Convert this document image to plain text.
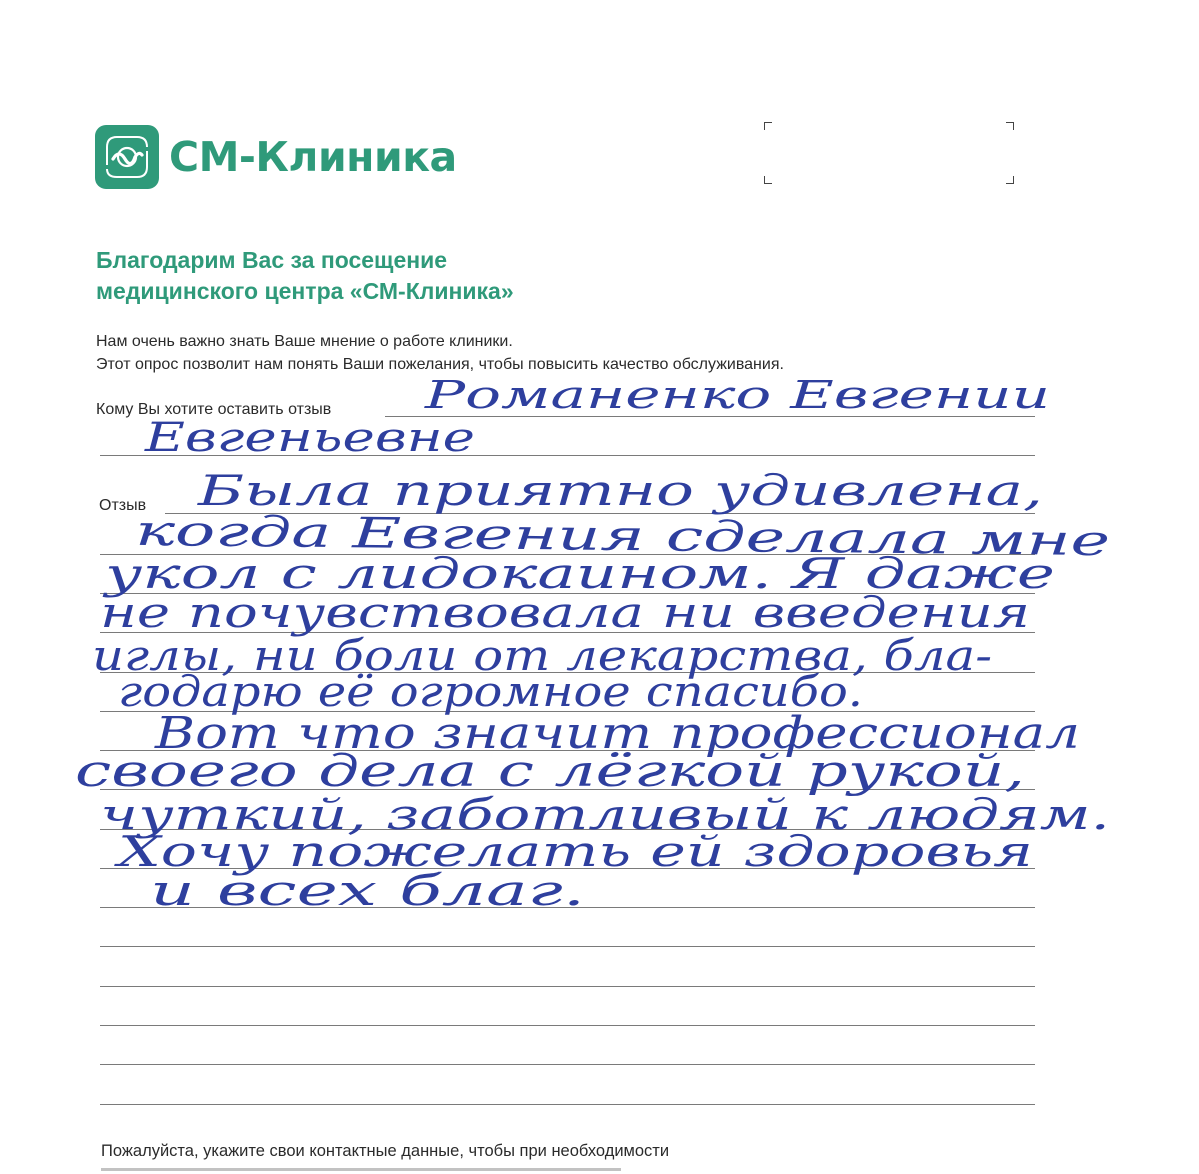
СМ-Клиника
Благодарим Вас за посещение
медицинского центра «СМ-Клиника»
Нам очень важно знать Ваше мнение о работе клиники.
Этот опрос позволит нам понять Ваши пожелания, чтобы повысить качество обслуживания.
Кому Вы хотите оставить отзыв
Отзыв
Романенко Евгении
Евгеньевне
Была приятно удивлена,
когда Евгения сделала мне
укол с лидокаином. Я даже
не почувствовала ни введения
иглы, ни боли от лекарства, бла-
годарю её огромное спасибо.
Вот что значит профессионал
своего дела с лёгкой рукой,
чуткий, заботливый к людям.
Хочу пожелать ей здоровья
и всех благ.
Пожалуйста, укажите свои контактные данные, чтобы при необходимости
